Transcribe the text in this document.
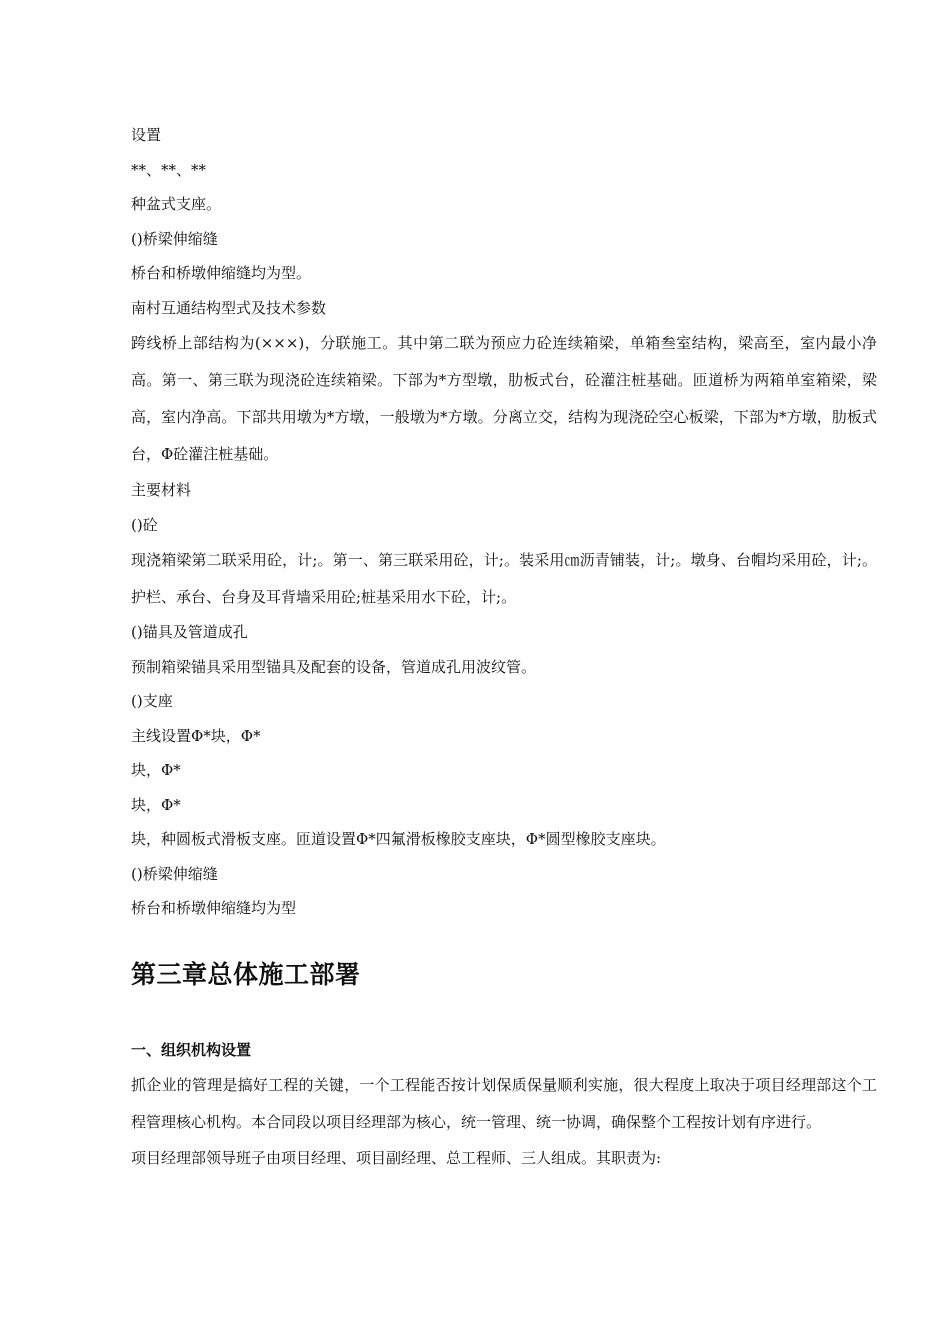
设置

**、**、**

种盆式支座。

()桥梁伸缩缝

桥台和桥墩伸缩缝均为型。

南村互通结构型式及技术参数

跨线桥上部结构为(×××)，分联施工。其中第二联为预应力砼连续箱梁，单箱叁室结构，梁高至，室内最小净高。第一、第三联为现浇砼连续箱梁。下部为*方型墩，肋板式台，砼灌注桩基础。匝道桥为两箱单室箱梁，梁高，室内净高。下部共用墩为*方墩，一般墩为*方墩。分离立交，结构为现浇砼空心板梁，下部为*方墩，肋板式台，Φ砼灌注桩基础。

主要材料

()砼

现浇箱梁第二联采用砼，计;。第一、第三联采用砼，计;。装采用㎝沥青铺装，计;。墩身、台帽均采用砼，计;。护栏、承台、台身及耳背墙采用砼;桩基采用水下砼，计;。

()锚具及管道成孔

预制箱梁锚具采用型锚具及配套的设备，管道成孔用波纹管。

()支座

主线设置Φ*块，Φ*

块，Φ*

块，Φ*

块，种圆板式滑板支座。匝道设置Φ*四氟滑板橡胶支座块，Φ*圆型橡胶支座块。

()桥梁伸缩缝

桥台和桥墩伸缩缝均为型

第三章总体施工部署
一、组织机构设置

抓企业的管理是搞好工程的关键，一个工程能否按计划保质保量顺利实施，很大程度上取决于项目经理部这个工程管理核心机构。本合同段以项目经理部为核心，统一管理、统一协调，确保整个工程按计划有序进行。

项目经理部领导班子由项目经理、项目副经理、总工程师、三人组成。其职责为:
